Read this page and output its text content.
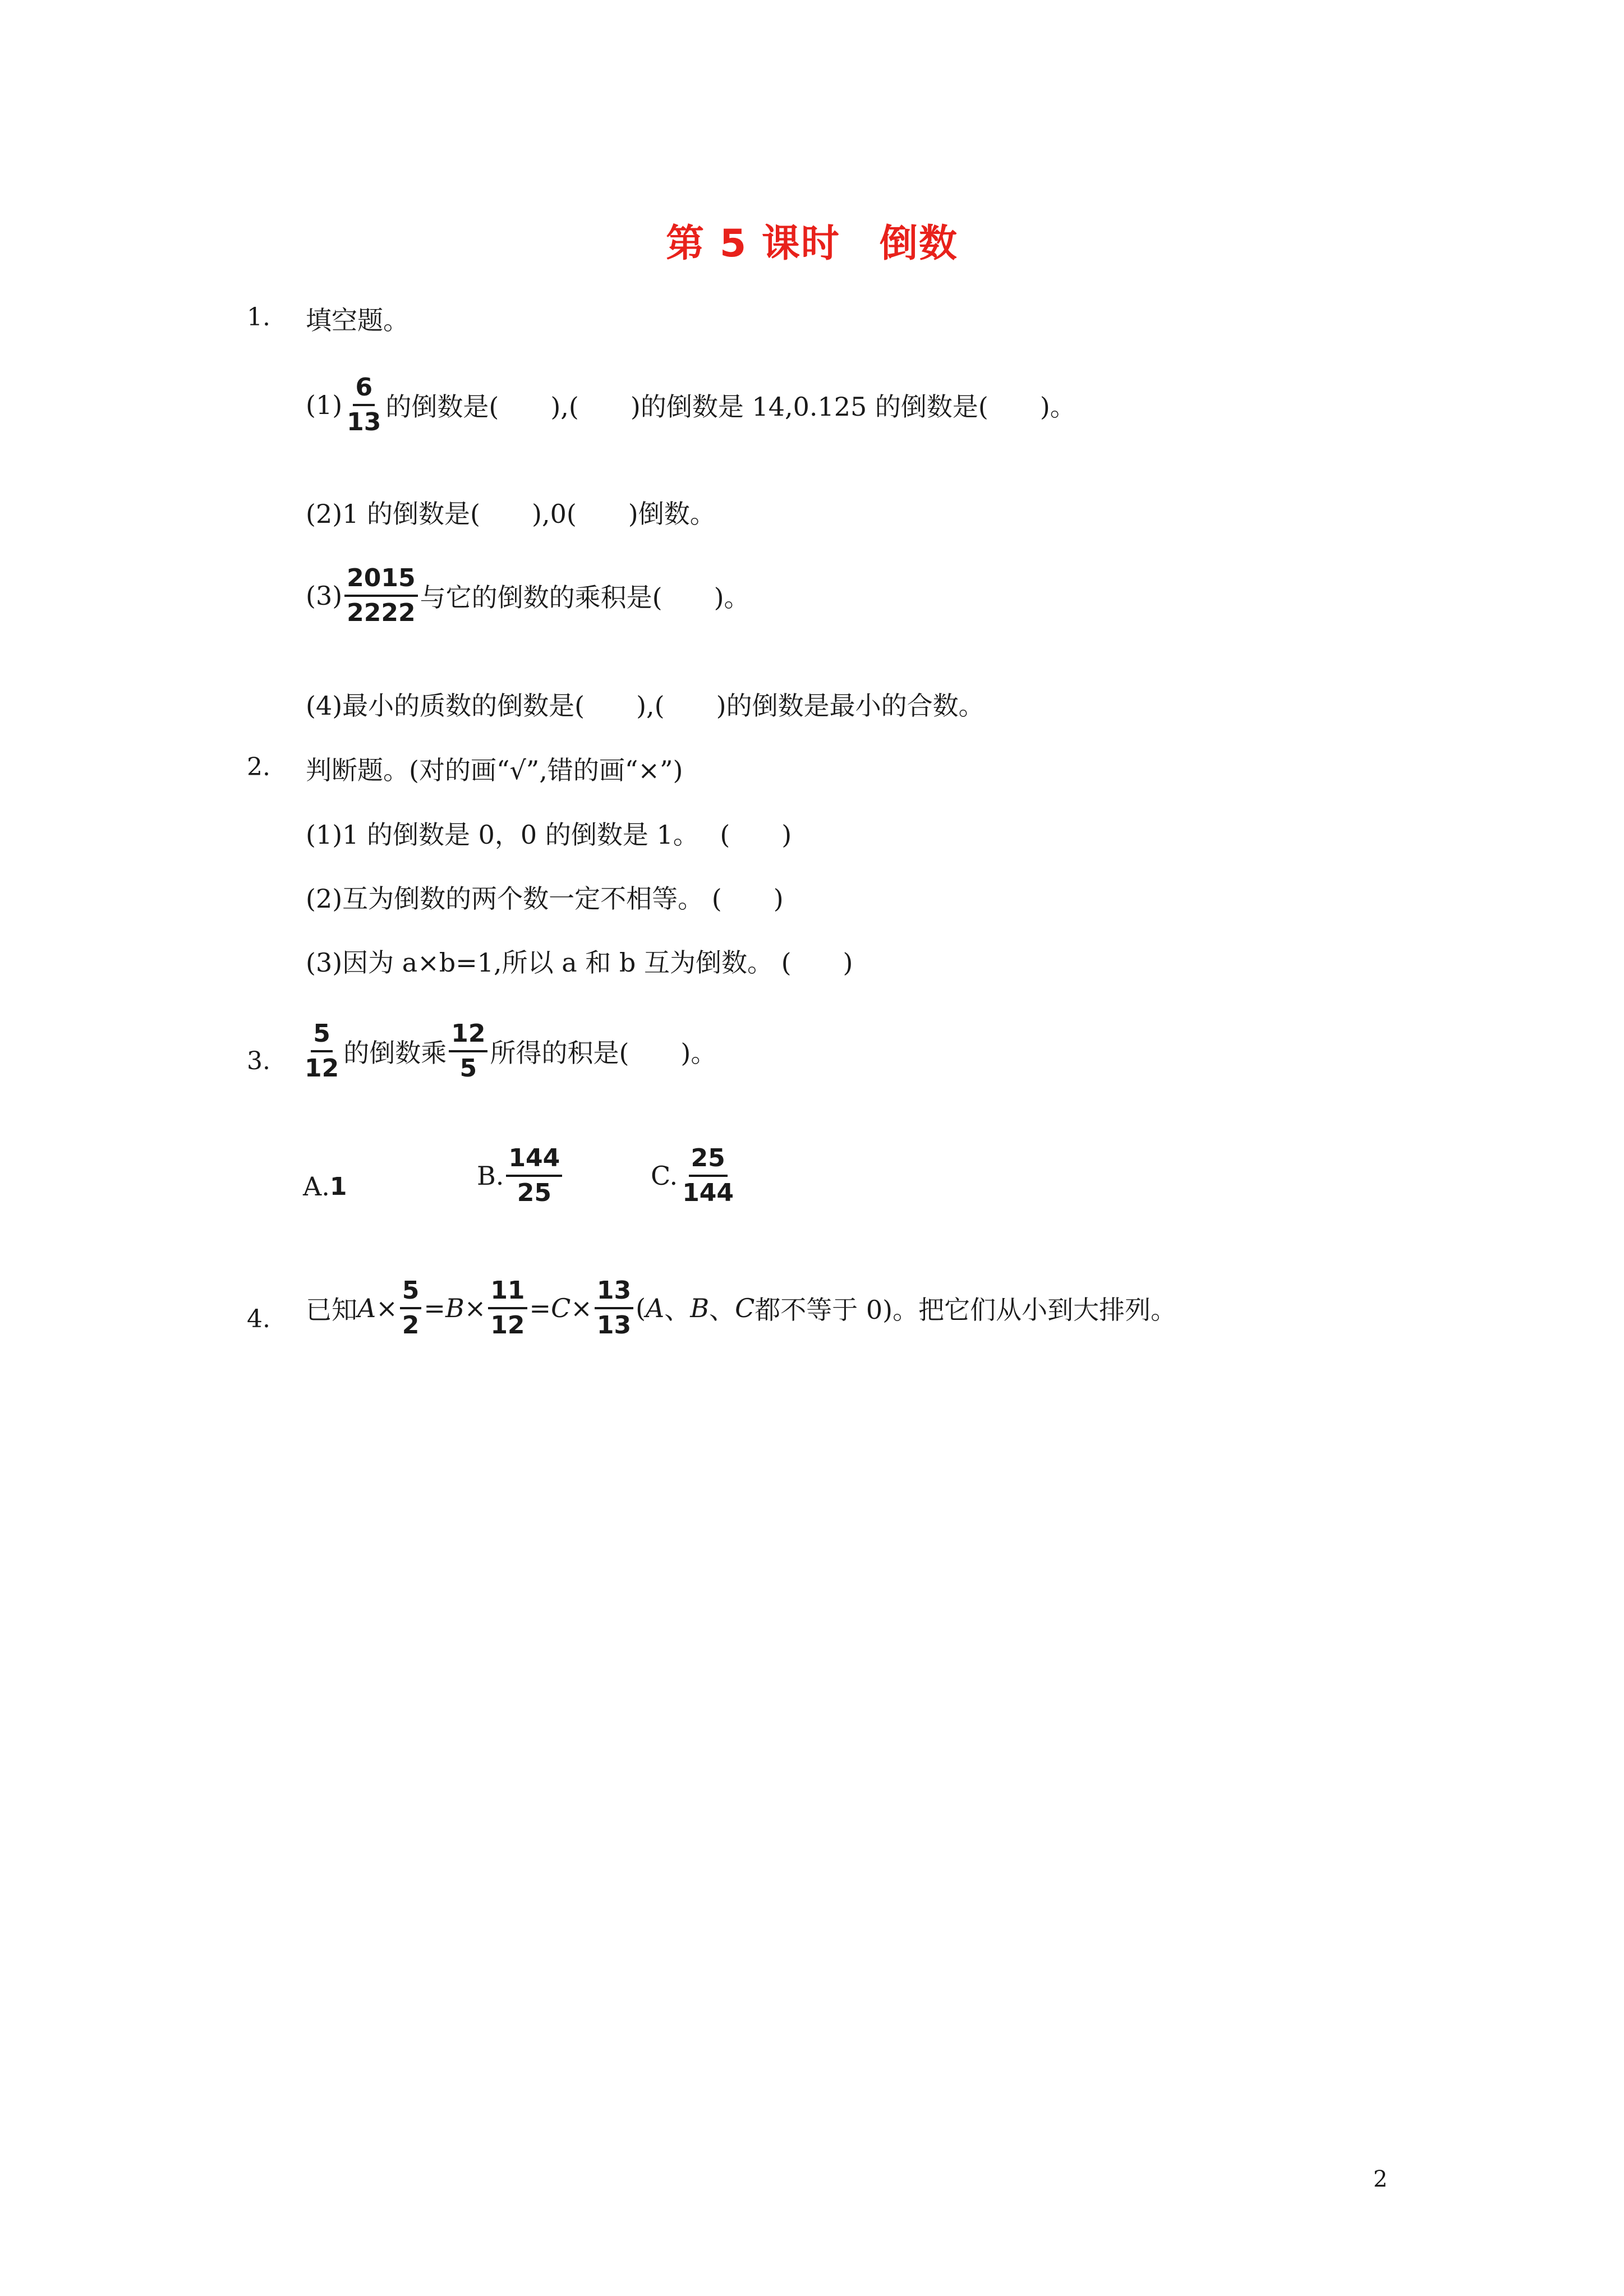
第 5 课时　倒数
1. 填空题。
$(1) \frac{6}{13}$ 的倒数是(　　),(　　)的倒数是 14,0.125 的倒数是(　　)。
(2)1 的倒数是(　　),0(　　)倒数。
$(3) \frac{2015}{2222}$ 与它的倒数的乘积是(　　)。
(4)最小的质数的倒数是(　　),(　　)的倒数是最小的合数。
2. 判断题。(对的画“√”,错的画“×”)
(1)1 的倒数是 0，0 的倒数是 1。　 (　　)
(2)互为倒数的两个数一定不相等。 (　　)
(3)因为 a×b=1,所以 a 和 b 互为倒数。 (　　)
3. $\frac{5}{12}$ 的倒数乘 $\frac{12}{5}$ 所得的积是(　　)。
A. 1	B. $\frac{144}{25}$	C. $\frac{25}{144}$
4. 已知 $A \times \frac{5}{2} = B \times \frac{11}{12} = C \times \frac{13}{13}$ ( A 、 B 、 C 都不等于 0)。把它们从小到大排列。
2
